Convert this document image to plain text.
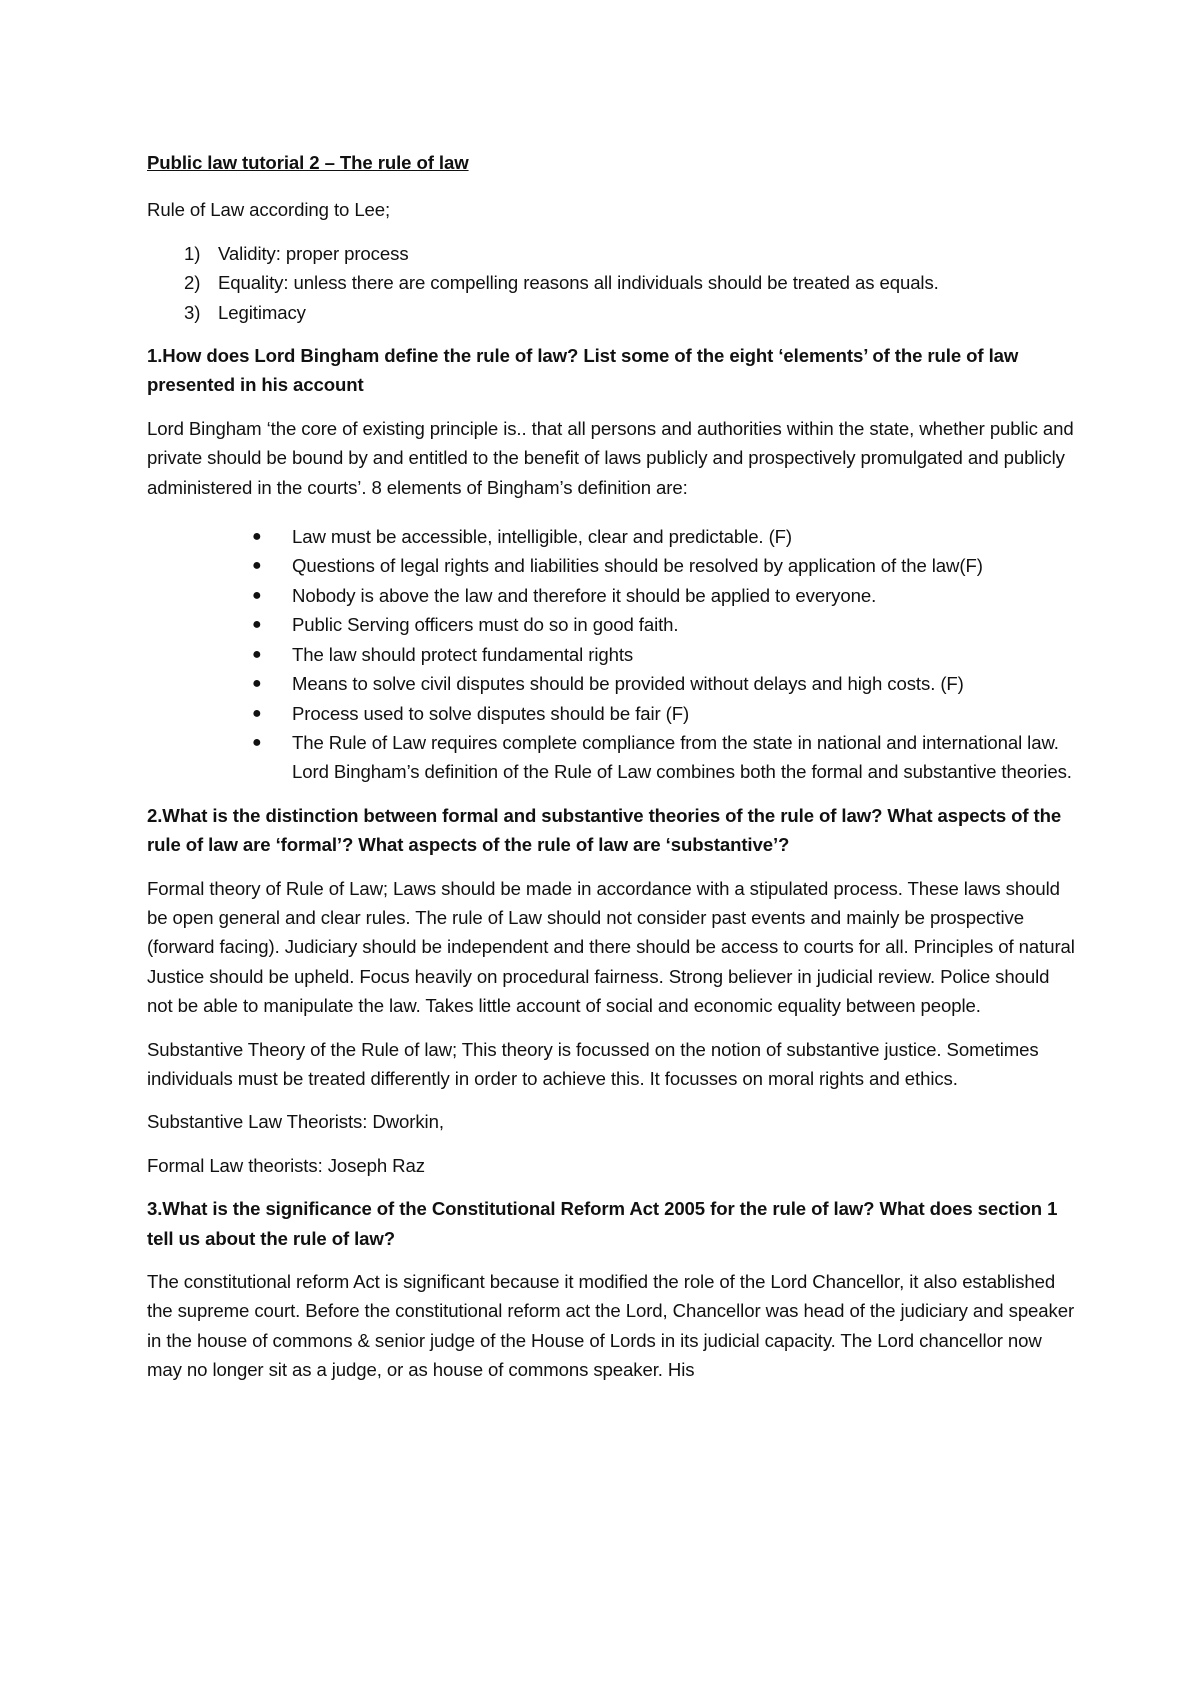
Public law tutorial 2 – The rule of law

Rule of Law according to Lee;

1) Validity: proper process
2) Equality: unless there are compelling reasons all individuals should be treated as equals.
3) Legitimacy

1.How does Lord Bingham define the rule of law? List some of the eight ‘elements’ of the rule of law presented in his account

Lord Bingham ‘the core of existing principle is.. that all persons and authorities within the state, whether public and private should be bound by and entitled to the benefit of laws publicly and prospectively promulgated and publicly administered in the courts’. 8 elements of Bingham’s definition are:

● Law must be accessible, intelligible, clear and predictable. (F)
● Questions of legal rights and liabilities should be resolved by application of the law(F)
● Nobody is above the law and therefore it should be applied to everyone.
● Public Serving officers must do so in good faith.
● The law should protect fundamental rights
● Means to solve civil disputes should be provided without delays and high costs. (F)
● Process used to solve disputes should be fair (F)
● The Rule of Law requires complete compliance from the state in national and international law.

Lord Bingham’s definition of the Rule of Law combines both the formal and substantive theories.

2.What is the distinction between formal and substantive theories of the rule of law? What aspects of the rule of law are ‘formal’? What aspects of the rule of law are ‘substantive’?

Formal theory of Rule of Law; Laws should be made in accordance with a stipulated process. These laws should be open general and clear rules. The rule of Law should not consider past events and mainly be prospective (forward facing). Judiciary should be independent and there should be access to courts for all. Principles of natural Justice should be upheld. Focus heavily on procedural fairness. Strong believer in judicial review. Police should not be able to manipulate the law. Takes little account of social and economic equality between people.

Substantive Theory of the Rule of law; This theory is focussed on the notion of substantive justice. Sometimes individuals must be treated differently in order to achieve this. It focusses on moral rights and ethics.

Substantive Law Theorists: Dworkin,

Formal Law theorists: Joseph Raz

3.What is the significance of the Constitutional Reform Act 2005 for the rule of law? What does section 1 tell us about the rule of law?

The constitutional reform Act is significant because it modified the role of the Lord Chancellor, it also established the supreme court. Before the constitutional reform act the Lord, Chancellor was head of the judiciary and speaker in the house of commons & senior judge of the House of Lords in its judicial capacity. The Lord chancellor now may no longer sit as a judge, or as house of commons speaker. His
